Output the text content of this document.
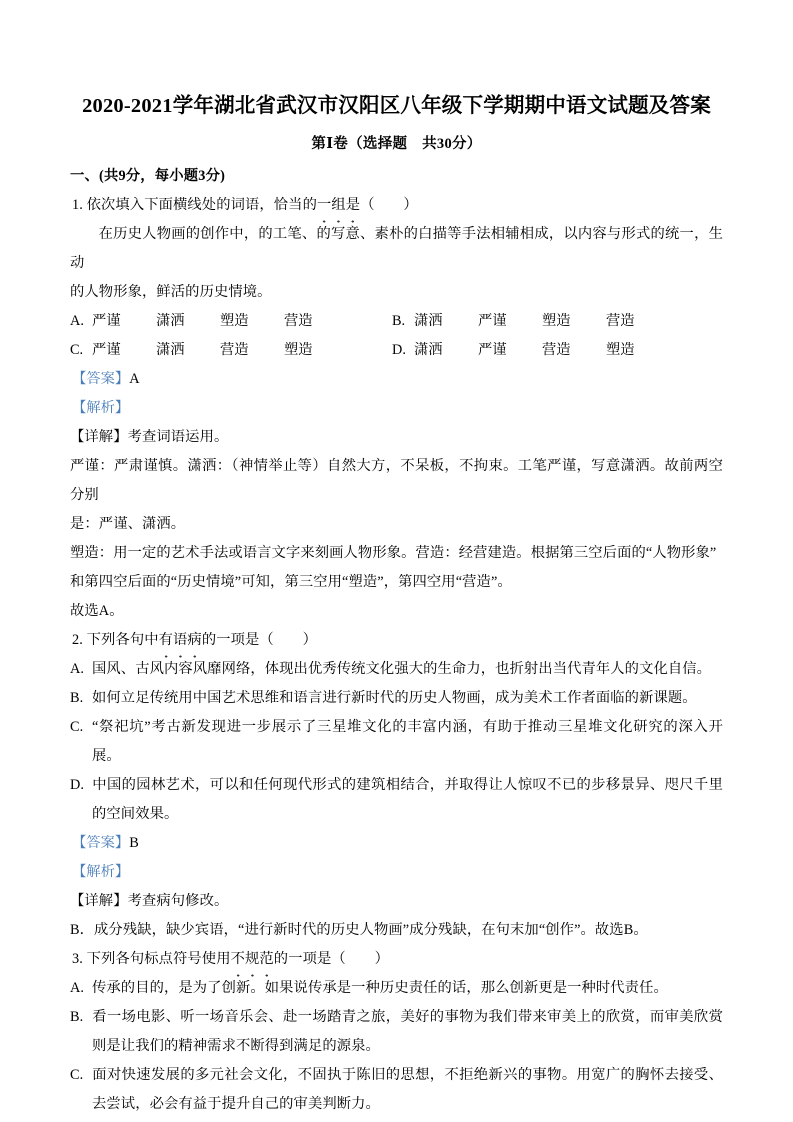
2020-2021学年湖北省武汉市汉阳区八年级下学期期中语文试题及答案
第Ⅰ卷（选择题　共30分）
一、(共9分，每小题3分)
1. 依次填入下面横线处的词语，恰当的一组是（　　）
在历史人物画的创作中，的工笔、的写意、素朴的白描等手法相辅相成，以内容与形式的统一，生动
的人物形象，鲜活的历史情境。
A. 严谨	潇洒	塑造	营造	B. 潇洒	严谨	塑造	营造
C. 严谨	潇洒	营造	塑造	D. 潇洒	严谨	营造	塑造
【答案】A
【解析】
【详解】考查词语运用。
严谨：严肃谨慎。潇洒：（神情举止等）自然大方，不呆板，不拘束。工笔严谨，写意潇洒。故前两空分别
是：严谨、潇洒。
塑造：用一定的艺术手法或语言文字来刻画人物形象。营造：经营建造。根据第三空后面的“人物形象”
和第四空后面的“历史情境”可知，第三空用“塑造”，第四空用“营造”。
故选A。
2. 下列各句中有语病的一项是（　　）
A. 国风、古风内容风靡网络，体现出优秀传统文化强大的生命力，也折射出当代青年人的文化自信。
B. 如何立足传统用中国艺术思维和语言进行新时代的历史人物画，成为美术工作者面临的新课题。
C. “祭祀坑”考古新发现进一步展示了三星堆文化的丰富内涵，有助于推动三星堆文化研究的深入开展。
D. 中国的园林艺术，可以和任何现代形式的建筑相结合，并取得让人惊叹不已的步移景异、咫尺千里的空间效果。
【答案】B
【解析】
【详解】考查病句修改。
B．成分残缺，缺少宾语，“进行新时代的历史人物画”成分残缺，在句末加“创作”。故选B。
3. 下列各句标点符号使用不规范的一项是（　　）
A. 传承的目的，是为了创新。如果说传承是一种历史责任的话，那么创新更是一种时代责任。
B. 看一场电影、听一场音乐会、赴一场踏青之旅，美好的事物为我们带来审美上的欣赏，而审美欣赏则是让我们的精神需求不断得到满足的源泉。
C. 面对快速发展的多元社会文化，不固执于陈旧的思想，不拒绝新兴的事物。用宽广的胸怀去接受、去尝试，必会有益于提升自己的审美判断力。
